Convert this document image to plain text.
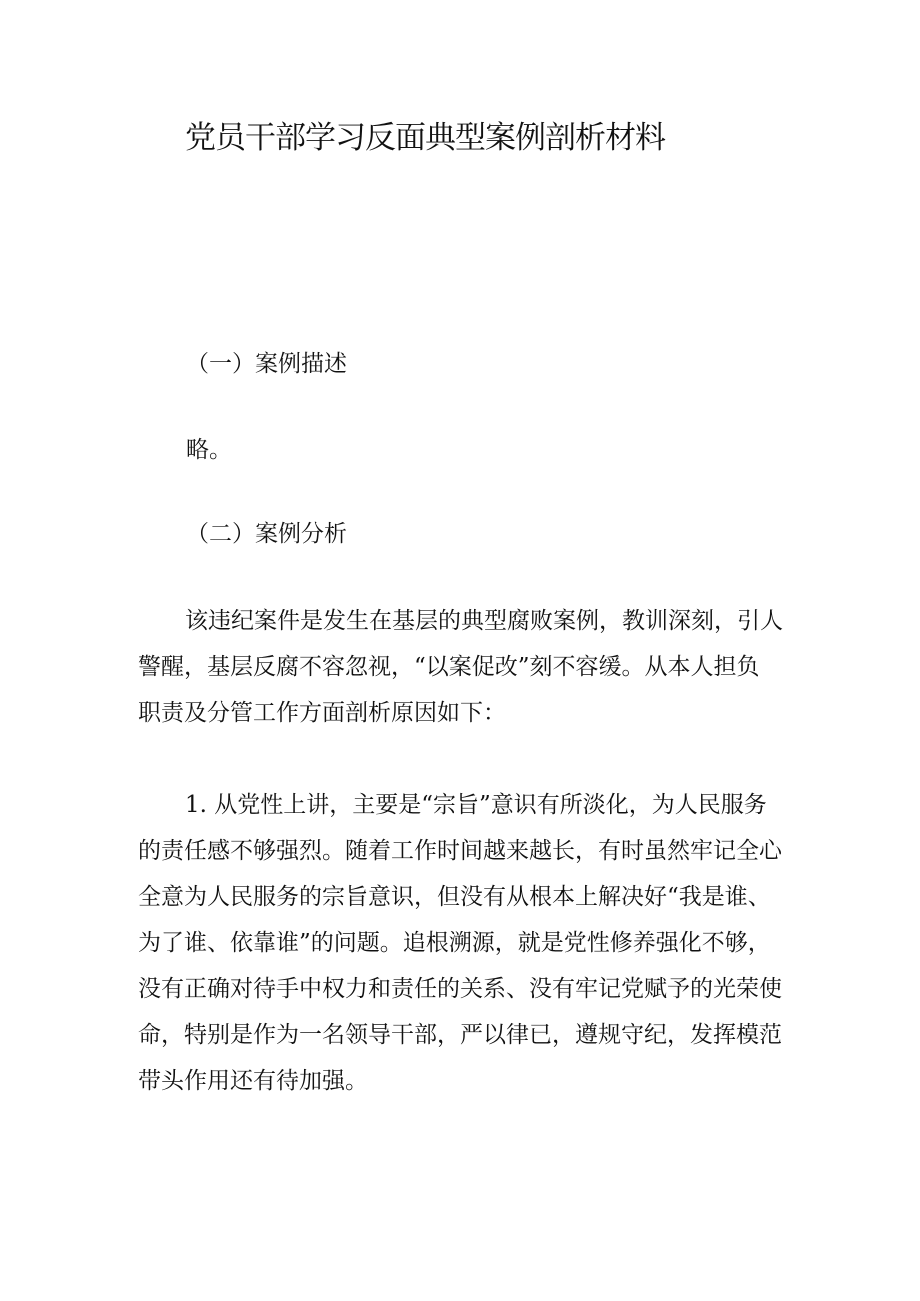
党员干部学习反面典型案例剖析材料
（一）案例描述
略。
（二）案例分析
该违纪案件是发生在基层的典型腐败案例，教训深刻，引人
警醒，基层反腐不容忽视，“以案促改”刻不容缓。从本人担负
职责及分管工作方面剖析原因如下：
1. 从党性上讲，主要是“宗旨”意识有所淡化，为人民服务
的责任感不够强烈。随着工作时间越来越长，有时虽然牢记全心
全意为人民服务的宗旨意识，但没有从根本上解决好“我是谁、
为了谁、依靠谁”的问题。追根溯源，就是党性修养强化不够，
没有正确对待手中权力和责任的关系、没有牢记党赋予的光荣使
命，特别是作为一名领导干部，严以律已，遵规守纪，发挥模范
带头作用还有待加强。
